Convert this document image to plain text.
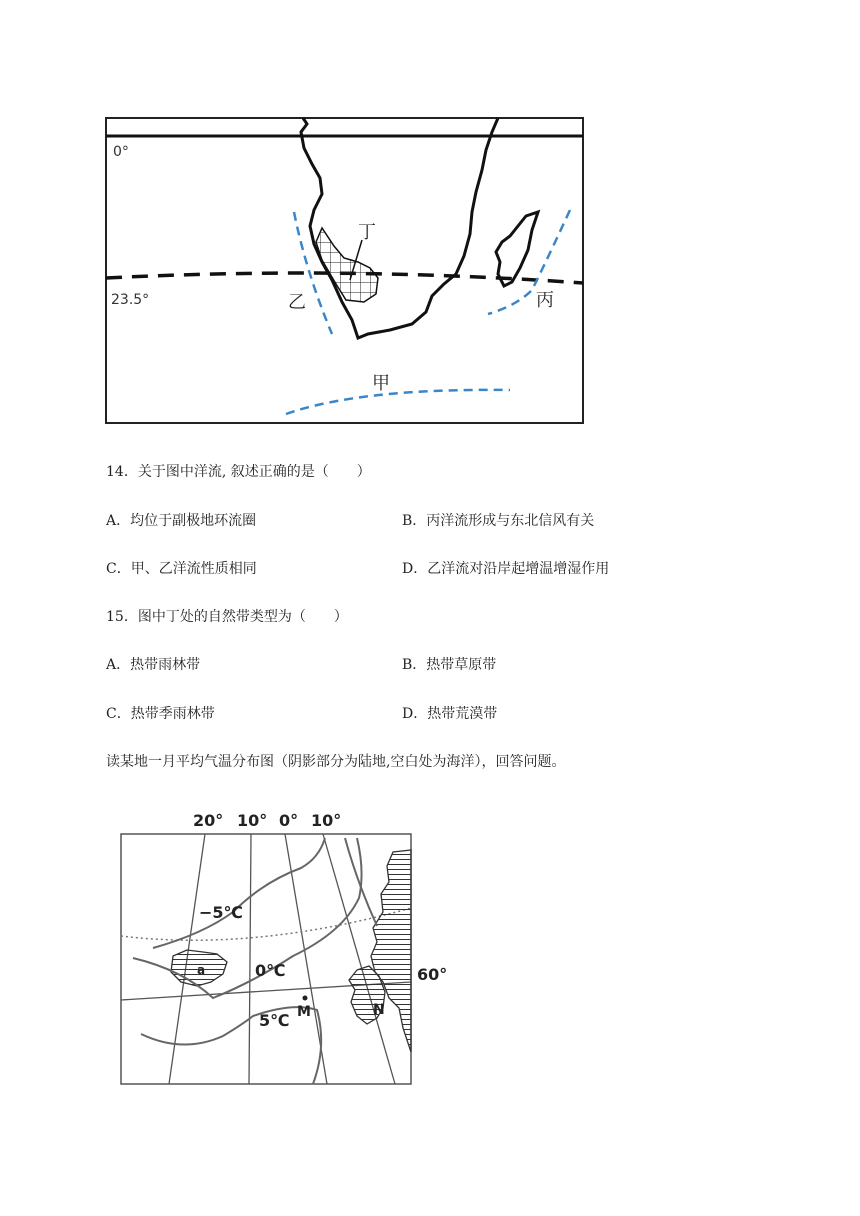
0°
23.5°
丁
乙	丙
甲
14．关于图中洋流, 叙述正确的是（　　）
A．均位于副极地环流圈	B．丙洋流形成与东北信风有关
C．甲、乙洋流性质相同	D．乙洋流对沿岸起增温增湿作用
15．图中丁处的自然带类型为（　　）
A．热带雨林带	B．热带草原带
C．热带季雨林带	D．热带荒漠带
读某地一月平均气温分布图（阴影部分为陆地,空白处为海洋），回答问题。
20° 10° 0° 10°
−5℃
0℃
5℃
60°
a
M	N
